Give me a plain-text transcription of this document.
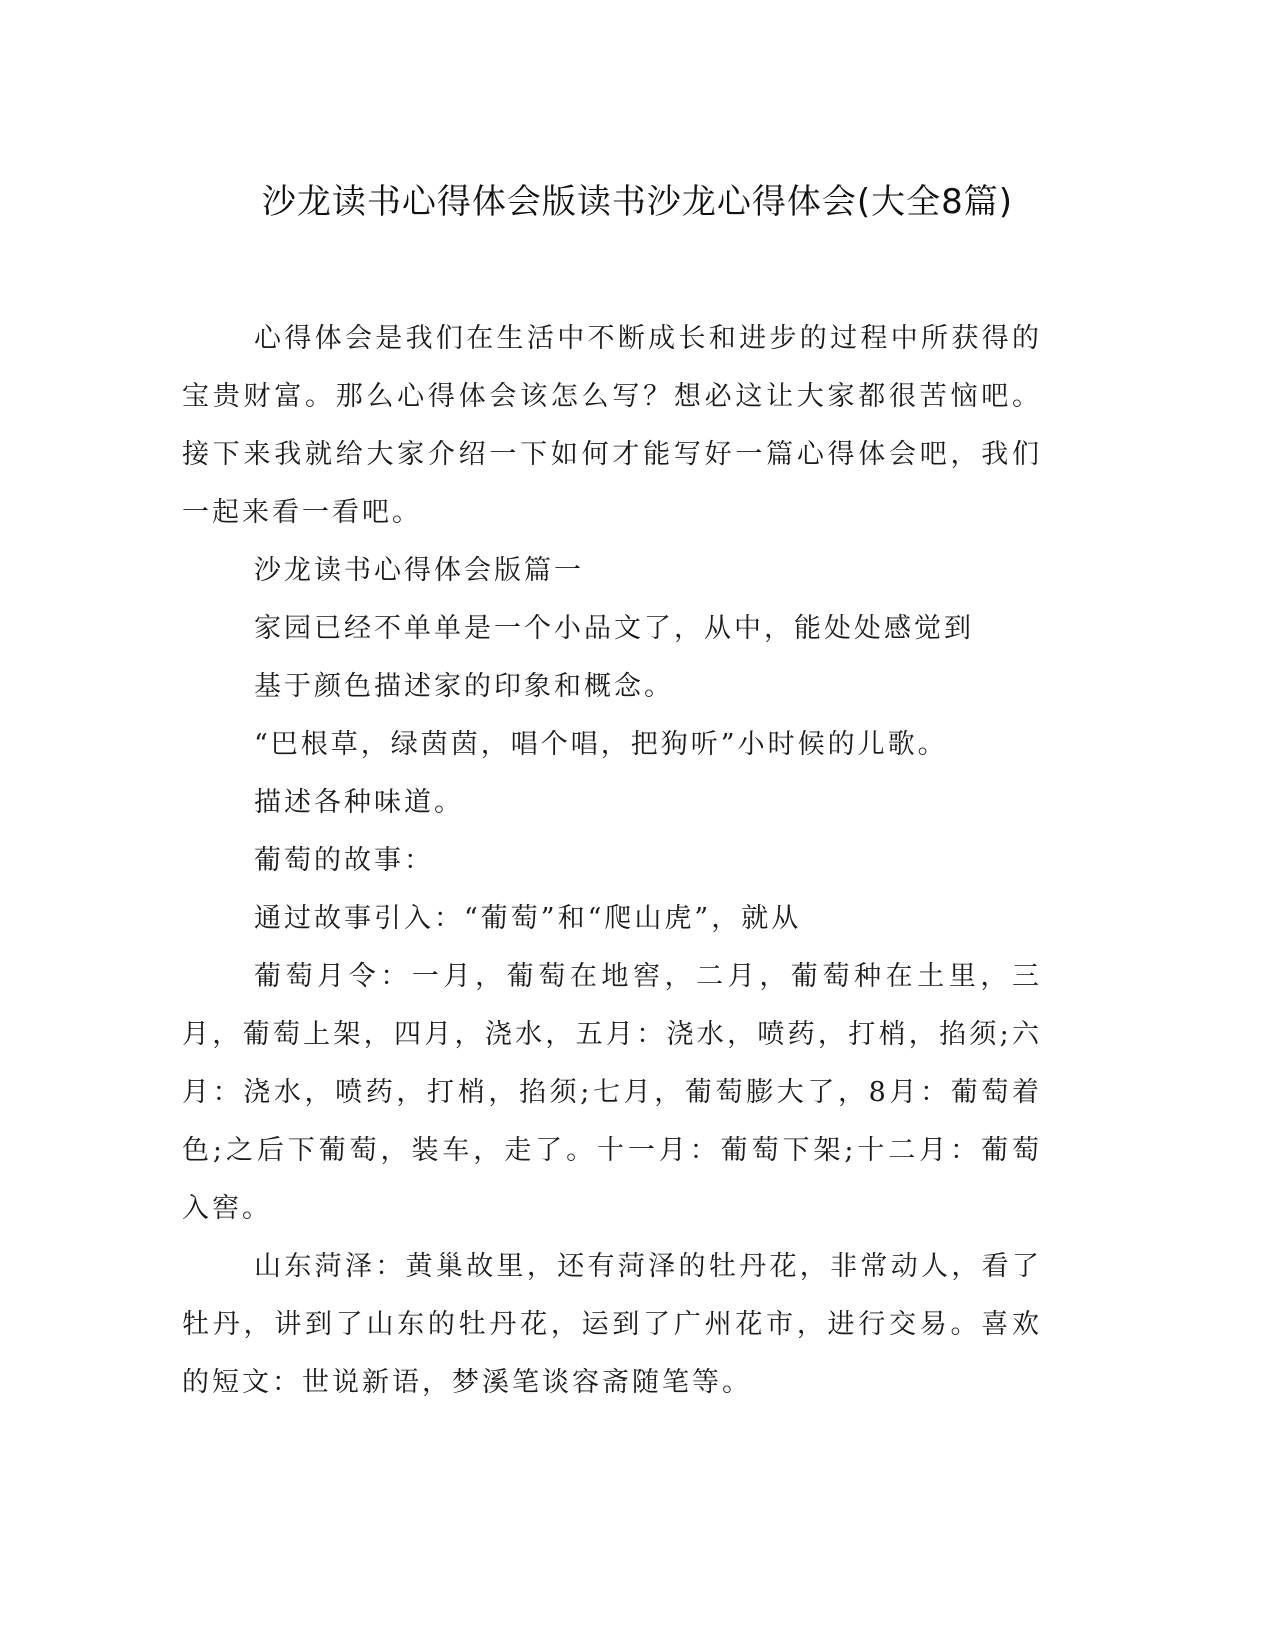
沙龙读书心得体会版读书沙龙心得体会(大全8篇)

心得体会是我们在生活中不断成长和进步的过程中所获得的宝贵财富。那么心得体会该怎么写？想必这让大家都很苦恼吧。接下来我就给大家介绍一下如何才能写好一篇心得体会吧，我们一起来看一看吧。

沙龙读书心得体会版篇一

家园已经不单单是一个小品文了，从中，能处处感觉到

基于颜色描述家的印象和概念。

“巴根草，绿茵茵，唱个唱，把狗听”小时候的儿歌。

描述各种味道。

葡萄的故事：

通过故事引入：“葡萄”和“爬山虎”，就从

葡萄月令：一月，葡萄在地窖，二月，葡萄种在土里，三月，葡萄上架，四月，浇水，五月：浇水，喷药，打梢，掐须;六月：浇水，喷药，打梢，掐须;七月，葡萄膨大了，8月：葡萄着色;之后下葡萄，装车，走了。十一月：葡萄下架;十二月：葡萄入窖。

山东菏泽：黄巢故里，还有菏泽的牡丹花，非常动人，看了牡丹，讲到了山东的牡丹花，运到了广州花市，进行交易。喜欢的短文：世说新语，梦溪笔谈容斋随笔等。
